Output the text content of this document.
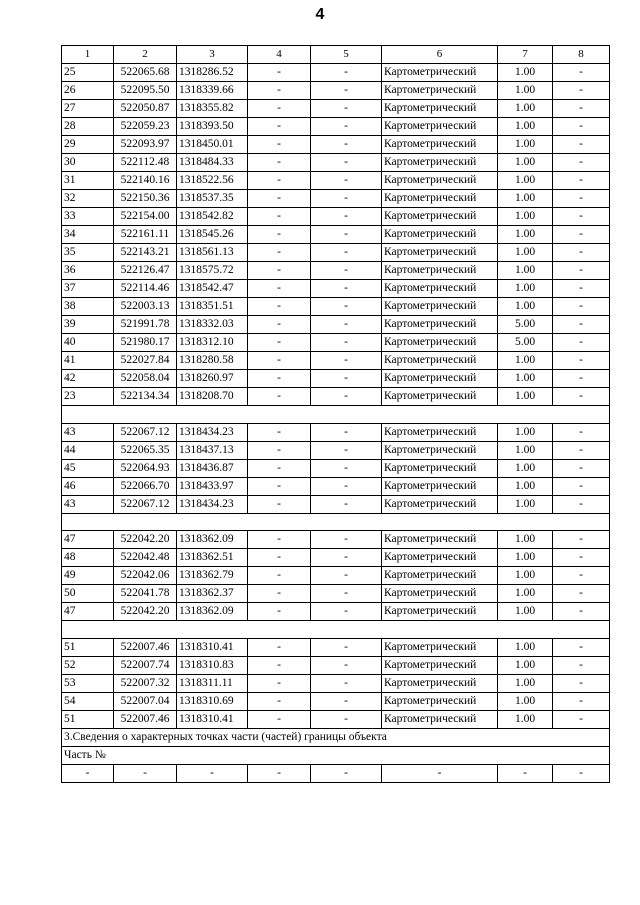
4
1	2	3	4	5	6	7	8
25	522065.68	1318286.52	-	-	Картометрический	1.00	-
26	522095.50	1318339.66	-	-	Картометрический	1.00	-
27	522050.87	1318355.82	-	-	Картометрический	1.00	-
28	522059.23	1318393.50	-	-	Картометрический	1.00	-
29	522093.97	1318450.01	-	-	Картометрический	1.00	-
30	522112.48	1318484.33	-	-	Картометрический	1.00	-
31	522140.16	1318522.56	-	-	Картометрический	1.00	-
32	522150.36	1318537.35	-	-	Картометрический	1.00	-
33	522154.00	1318542.82	-	-	Картометрический	1.00	-
34	522161.11	1318545.26	-	-	Картометрический	1.00	-
35	522143.21	1318561.13	-	-	Картометрический	1.00	-
36	522126.47	1318575.72	-	-	Картометрический	1.00	-
37	522114.46	1318542.47	-	-	Картометрический	1.00	-
38	522003.13	1318351.51	-	-	Картометрический	1.00	-
39	521991.78	1318332.03	-	-	Картометрический	5.00	-
40	521980.17	1318312.10	-	-	Картометрический	5.00	-
41	522027.84	1318280.58	-	-	Картометрический	1.00	-
42	522058.04	1318260.97	-	-	Картометрический	1.00	-
23	522134.34	1318208.70	-	-	Картометрический	1.00	-

43	522067.12	1318434.23	-	-	Картометрический	1.00	-
44	522065.35	1318437.13	-	-	Картометрический	1.00	-
45	522064.93	1318436.87	-	-	Картометрический	1.00	-
46	522066.70	1318433.97	-	-	Картометрический	1.00	-
43	522067.12	1318434.23	-	-	Картометрический	1.00	-

47	522042.20	1318362.09	-	-	Картометрический	1.00	-
48	522042.48	1318362.51	-	-	Картометрический	1.00	-
49	522042.06	1318362.79	-	-	Картометрический	1.00	-
50	522041.78	1318362.37	-	-	Картометрический	1.00	-
47	522042.20	1318362.09	-	-	Картометрический	1.00	-

51	522007.46	1318310.41	-	-	Картометрический	1.00	-
52	522007.74	1318310.83	-	-	Картометрический	1.00	-
53	522007.32	1318311.11	-	-	Картометрический	1.00	-
54	522007.04	1318310.69	-	-	Картометрический	1.00	-
51	522007.46	1318310.41	-	-	Картометрический	1.00	-
3.Сведения о характерных точках части (частей) границы объекта							
Часть №							
-	-	-	-	-	-	-	-
